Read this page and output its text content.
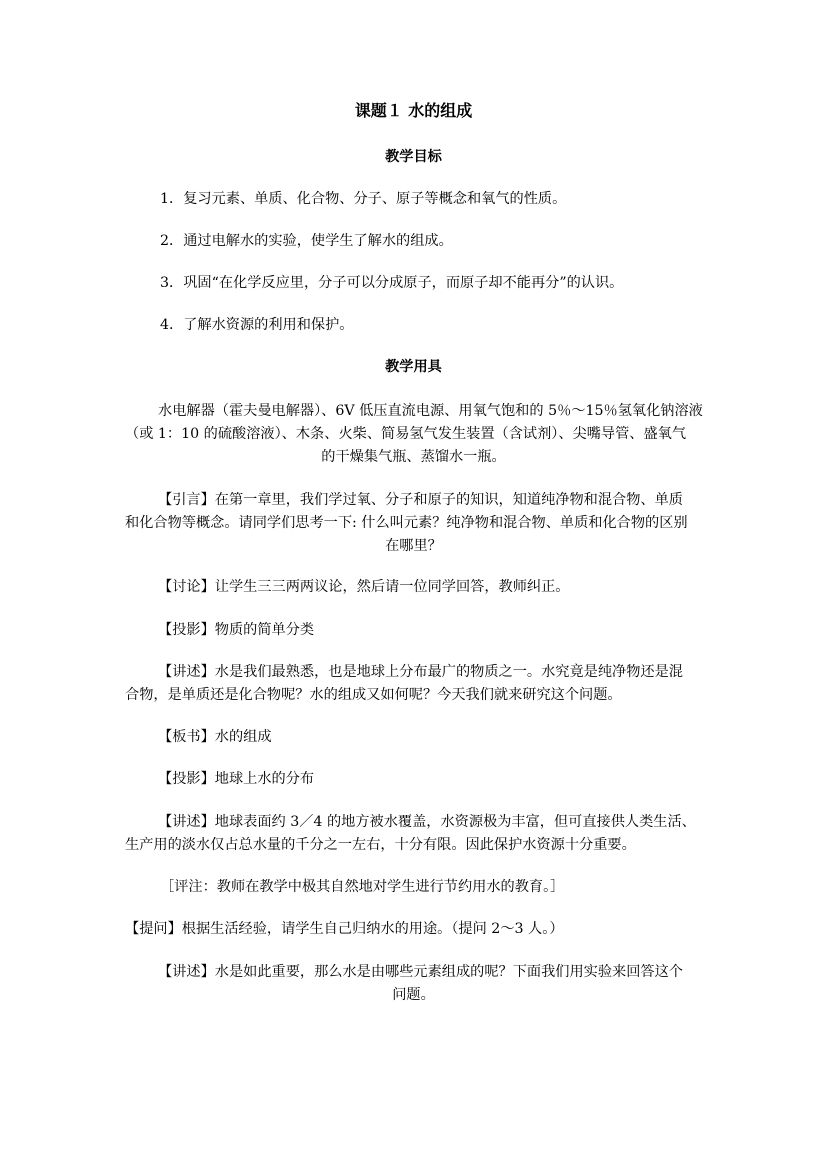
课题１ 水的组成
教学目标
1．复习元素、单质、化合物、分子、原子等概念和氧气的性质。
2．通过电解水的实验，使学生了解水的组成。
3．巩固“在化学反应里，分子可以分成原子，而原子却不能再分”的认识。
4．了解水资源的利用和保护。
教学用具
水电解器（霍夫曼电解器）、6V 低压直流电源、用氧气饱和的 5％～15％氢氧化钠溶液
（或 1：10 的硫酸溶液）、木条、火柴、简易氢气发生装置（含试剂）、尖嘴导管、盛氧气
的干燥集气瓶、蒸馏水一瓶。
【引言】在第一章里，我们学过氧、分子和原子的知识，知道纯净物和混合物、单质
和化合物等概念。请同学们思考一下: 什么叫元素？纯净物和混合物、单质和化合物的区别
在哪里？
【讨论】让学生三三两两议论，然后请一位同学回答，教师纠正。
【投影】物质的简单分类
【讲述】水是我们最熟悉，也是地球上分布最广的物质之一。水究竟是纯净物还是混
合物，是单质还是化合物呢？水的组成又如何呢？今天我们就来研究这个问题。
【板书】水的组成
【投影】地球上水的分布
【讲述】地球表面约 3／4 的地方被水覆盖，水资源极为丰富，但可直接供人类生活、
生产用的淡水仅占总水量的千分之一左右，十分有限。因此保护水资源十分重要。
［评注：教师在教学中极其自然地对学生进行节约用水的教育。］
【提问】根据生活经验，请学生自己归纳水的用途。（提问 2～3 人。）
【讲述】水是如此重要，那么水是由哪些元素组成的呢？下面我们用实验来回答这个
问题。
